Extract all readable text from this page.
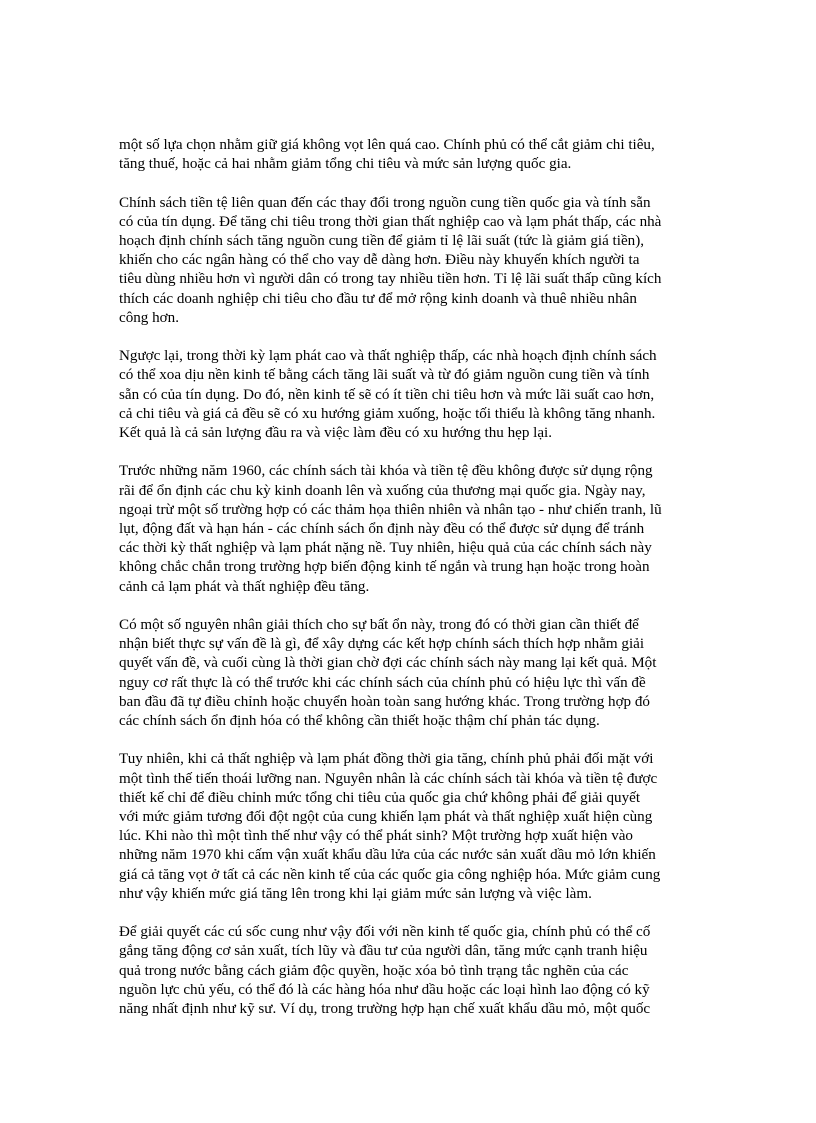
một số lựa chọn nhằm giữ giá không vọt lên quá cao. Chính phủ có thể cắt giảm chi tiêu,
tăng thuế, hoặc cả hai nhằm giảm tổng chi tiêu và mức sản lượng quốc gia.

Chính sách tiền tệ liên quan đến các thay đổi trong nguồn cung tiền quốc gia và tính sẵn
có của tín dụng. Để tăng chi tiêu trong thời gian thất nghiệp cao và lạm phát thấp, các nhà
hoạch định chính sách tăng nguồn cung tiền để giảm tỉ lệ lãi suất (tức là giảm giá tiền),
khiến cho các ngân hàng có thể cho vay dễ dàng hơn. Điều này khuyến khích người ta
tiêu dùng nhiều hơn vì người dân có trong tay nhiều tiền hơn. Tỉ lệ lãi suất thấp cũng kích
thích các doanh nghiệp chi tiêu cho đầu tư để mở rộng kinh doanh và thuê nhiều nhân
công hơn.

Ngược lại, trong thời kỳ lạm phát cao và thất nghiệp thấp, các nhà hoạch định chính sách
có thể xoa dịu nền kinh tế bằng cách tăng lãi suất và từ đó giảm nguồn cung tiền và tính
sẵn có của tín dụng. Do đó, nền kinh tế sẽ có ít tiền chi tiêu hơn và mức lãi suất cao hơn,
cả chi tiêu và giá cả đều sẽ có xu hướng giảm xuống, hoặc tối thiểu là không tăng nhanh.
Kết quả là cả sản lượng đầu ra và việc làm đều có xu hướng thu hẹp lại.

Trước những năm 1960, các chính sách tài khóa và tiền tệ đều không được sử dụng rộng
rãi để ổn định các chu kỳ kinh doanh lên và xuống của thương mại quốc gia. Ngày nay,
ngoại trừ một số trường hợp có các thảm họa thiên nhiên và nhân tạo - như chiến tranh, lũ
lụt, động đất và hạn hán - các chính sách ổn định này đều có thể được sử dụng để tránh
các thời kỳ thất nghiệp và lạm phát nặng nề. Tuy nhiên, hiệu quả của các chính sách này
không chắc chắn trong trường hợp biến động kinh tế ngắn và trung hạn hoặc trong hoàn
cảnh cả lạm phát và thất nghiệp đều tăng.

Có một số nguyên nhân giải thích cho sự bất ổn này, trong đó có thời gian cần thiết để
nhận biết thực sự vấn đề là gì, để xây dựng các kết hợp chính sách thích hợp nhằm giải
quyết vấn đề, và cuối cùng là thời gian chờ đợi các chính sách này mang lại kết quả. Một
nguy cơ rất thực là có thể trước khi các chính sách của chính phủ có hiệu lực thì vấn đề
ban đầu đã tự điều chỉnh hoặc chuyển hoàn toàn sang hướng khác. Trong trường hợp đó
các chính sách ổn định hóa có thể không cần thiết hoặc thậm chí phản tác dụng.

Tuy nhiên, khi cả thất nghiệp và lạm phát đồng thời gia tăng, chính phủ phải đối mặt với
một tình thế tiến thoái lưỡng nan. Nguyên nhân là các chính sách tài khóa và tiền tệ được
thiết kế chỉ để điều chỉnh mức tổng chi tiêu của quốc gia chứ không phải để giải quyết
với mức giảm tương đối đột ngột của cung khiến lạm phát và thất nghiệp xuất hiện cùng
lúc. Khi nào thì một tình thế như vậy có thể phát sinh? Một trường hợp xuất hiện vào
những năm 1970 khi cấm vận xuất khẩu dầu lửa của các nước sản xuất dầu mỏ lớn khiến
giá cả tăng vọt ở tất cả các nền kinh tế của các quốc gia công nghiệp hóa. Mức giảm cung
như vậy khiến mức giá tăng lên trong khi lại giảm mức sản lượng và việc làm.

Để giải quyết các cú sốc cung như vậy đối với nền kinh tế quốc gia, chính phủ có thể cố
gắng tăng động cơ sản xuất, tích lũy và đầu tư của người dân, tăng mức cạnh tranh hiệu
quả trong nước bằng cách giảm độc quyền, hoặc xóa bỏ tình trạng tắc nghẽn của các
nguồn lực chủ yếu, có thể đó là các hàng hóa như dầu hoặc các loại hình lao động có kỹ
năng nhất định như kỹ sư. Ví dụ, trong trường hợp hạn chế xuất khẩu dầu mỏ, một quốc
